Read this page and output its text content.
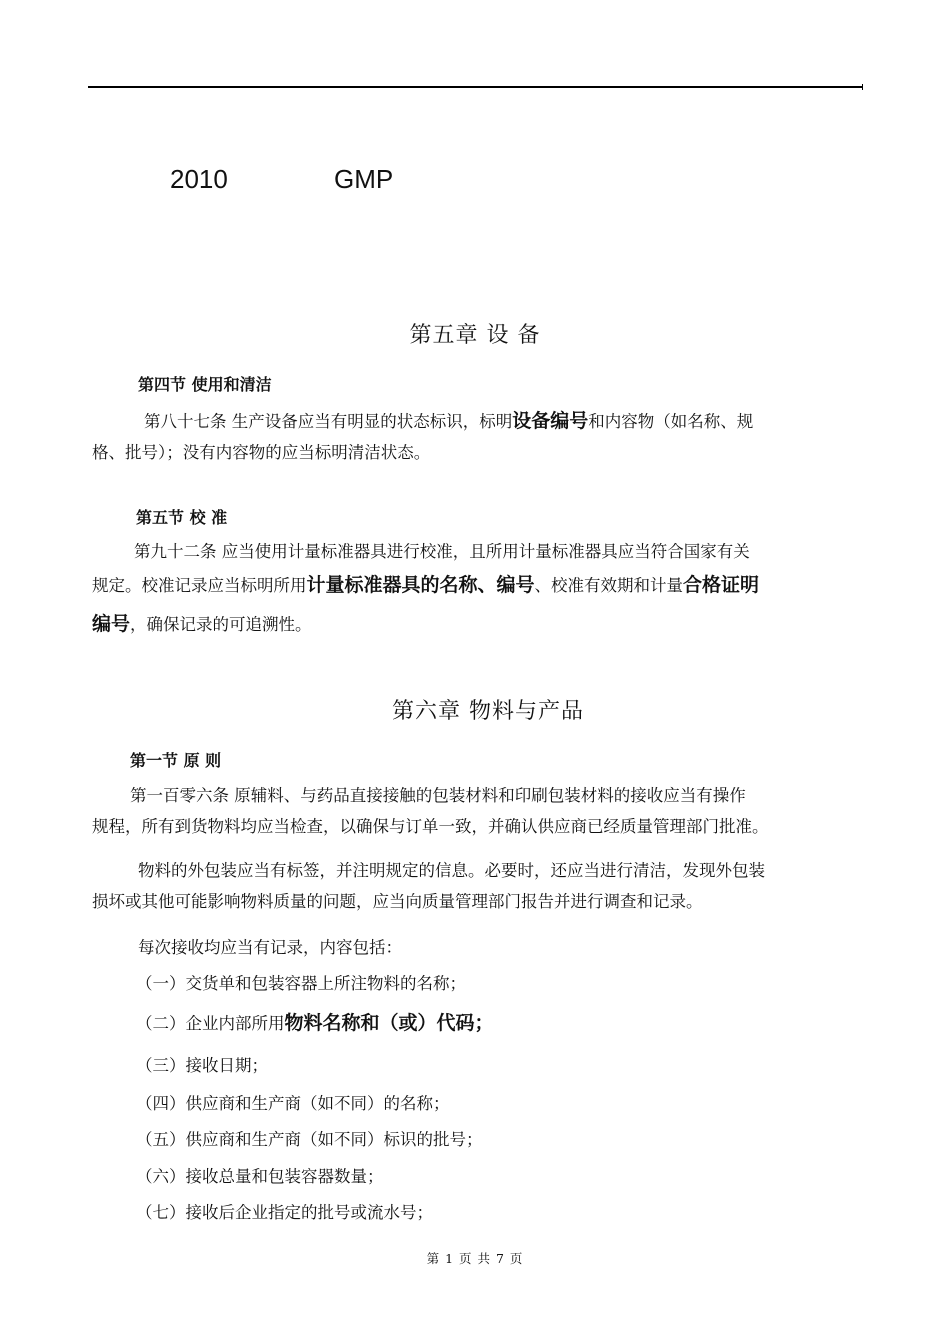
2010	GMP
第五章 设 备
第四节 使用和清洁
第八十七条 生产设备应当有明显的状态标识，标明设备编号和内容物（如名称、规
格、批号）；没有内容物的应当标明清洁状态。
第五节 校 准
第九十二条 应当使用计量标准器具进行校准，且所用计量标准器具应当符合国家有关
规定。校准记录应当标明所用计量标准器具的名称、编号、校准有效期和计量合格证明
编号，确保记录的可追溯性。
第六章 物料与产品
第一节 原 则
第一百零六条 原辅料、与药品直接接触的包装材料和印刷包装材料的接收应当有操作
规程，所有到货物料均应当检查，以确保与订单一致，并确认供应商已经质量管理部门批准。
物料的外包装应当有标签，并注明规定的信息。必要时，还应当进行清洁，发现外包装
损坏或其他可能影响物料质量的问题，应当向质量管理部门报告并进行调查和记录。
每次接收均应当有记录，内容包括：
（一）交货单和包装容器上所注物料的名称；
（二）企业内部所用物料名称和（或）代码；
（三）接收日期；
（四）供应商和生产商（如不同）的名称；
（五）供应商和生产商（如不同）标识的批号；
（六）接收总量和包装容器数量；
（七）接收后企业指定的批号或流水号；
第 1 页 共 7 页
